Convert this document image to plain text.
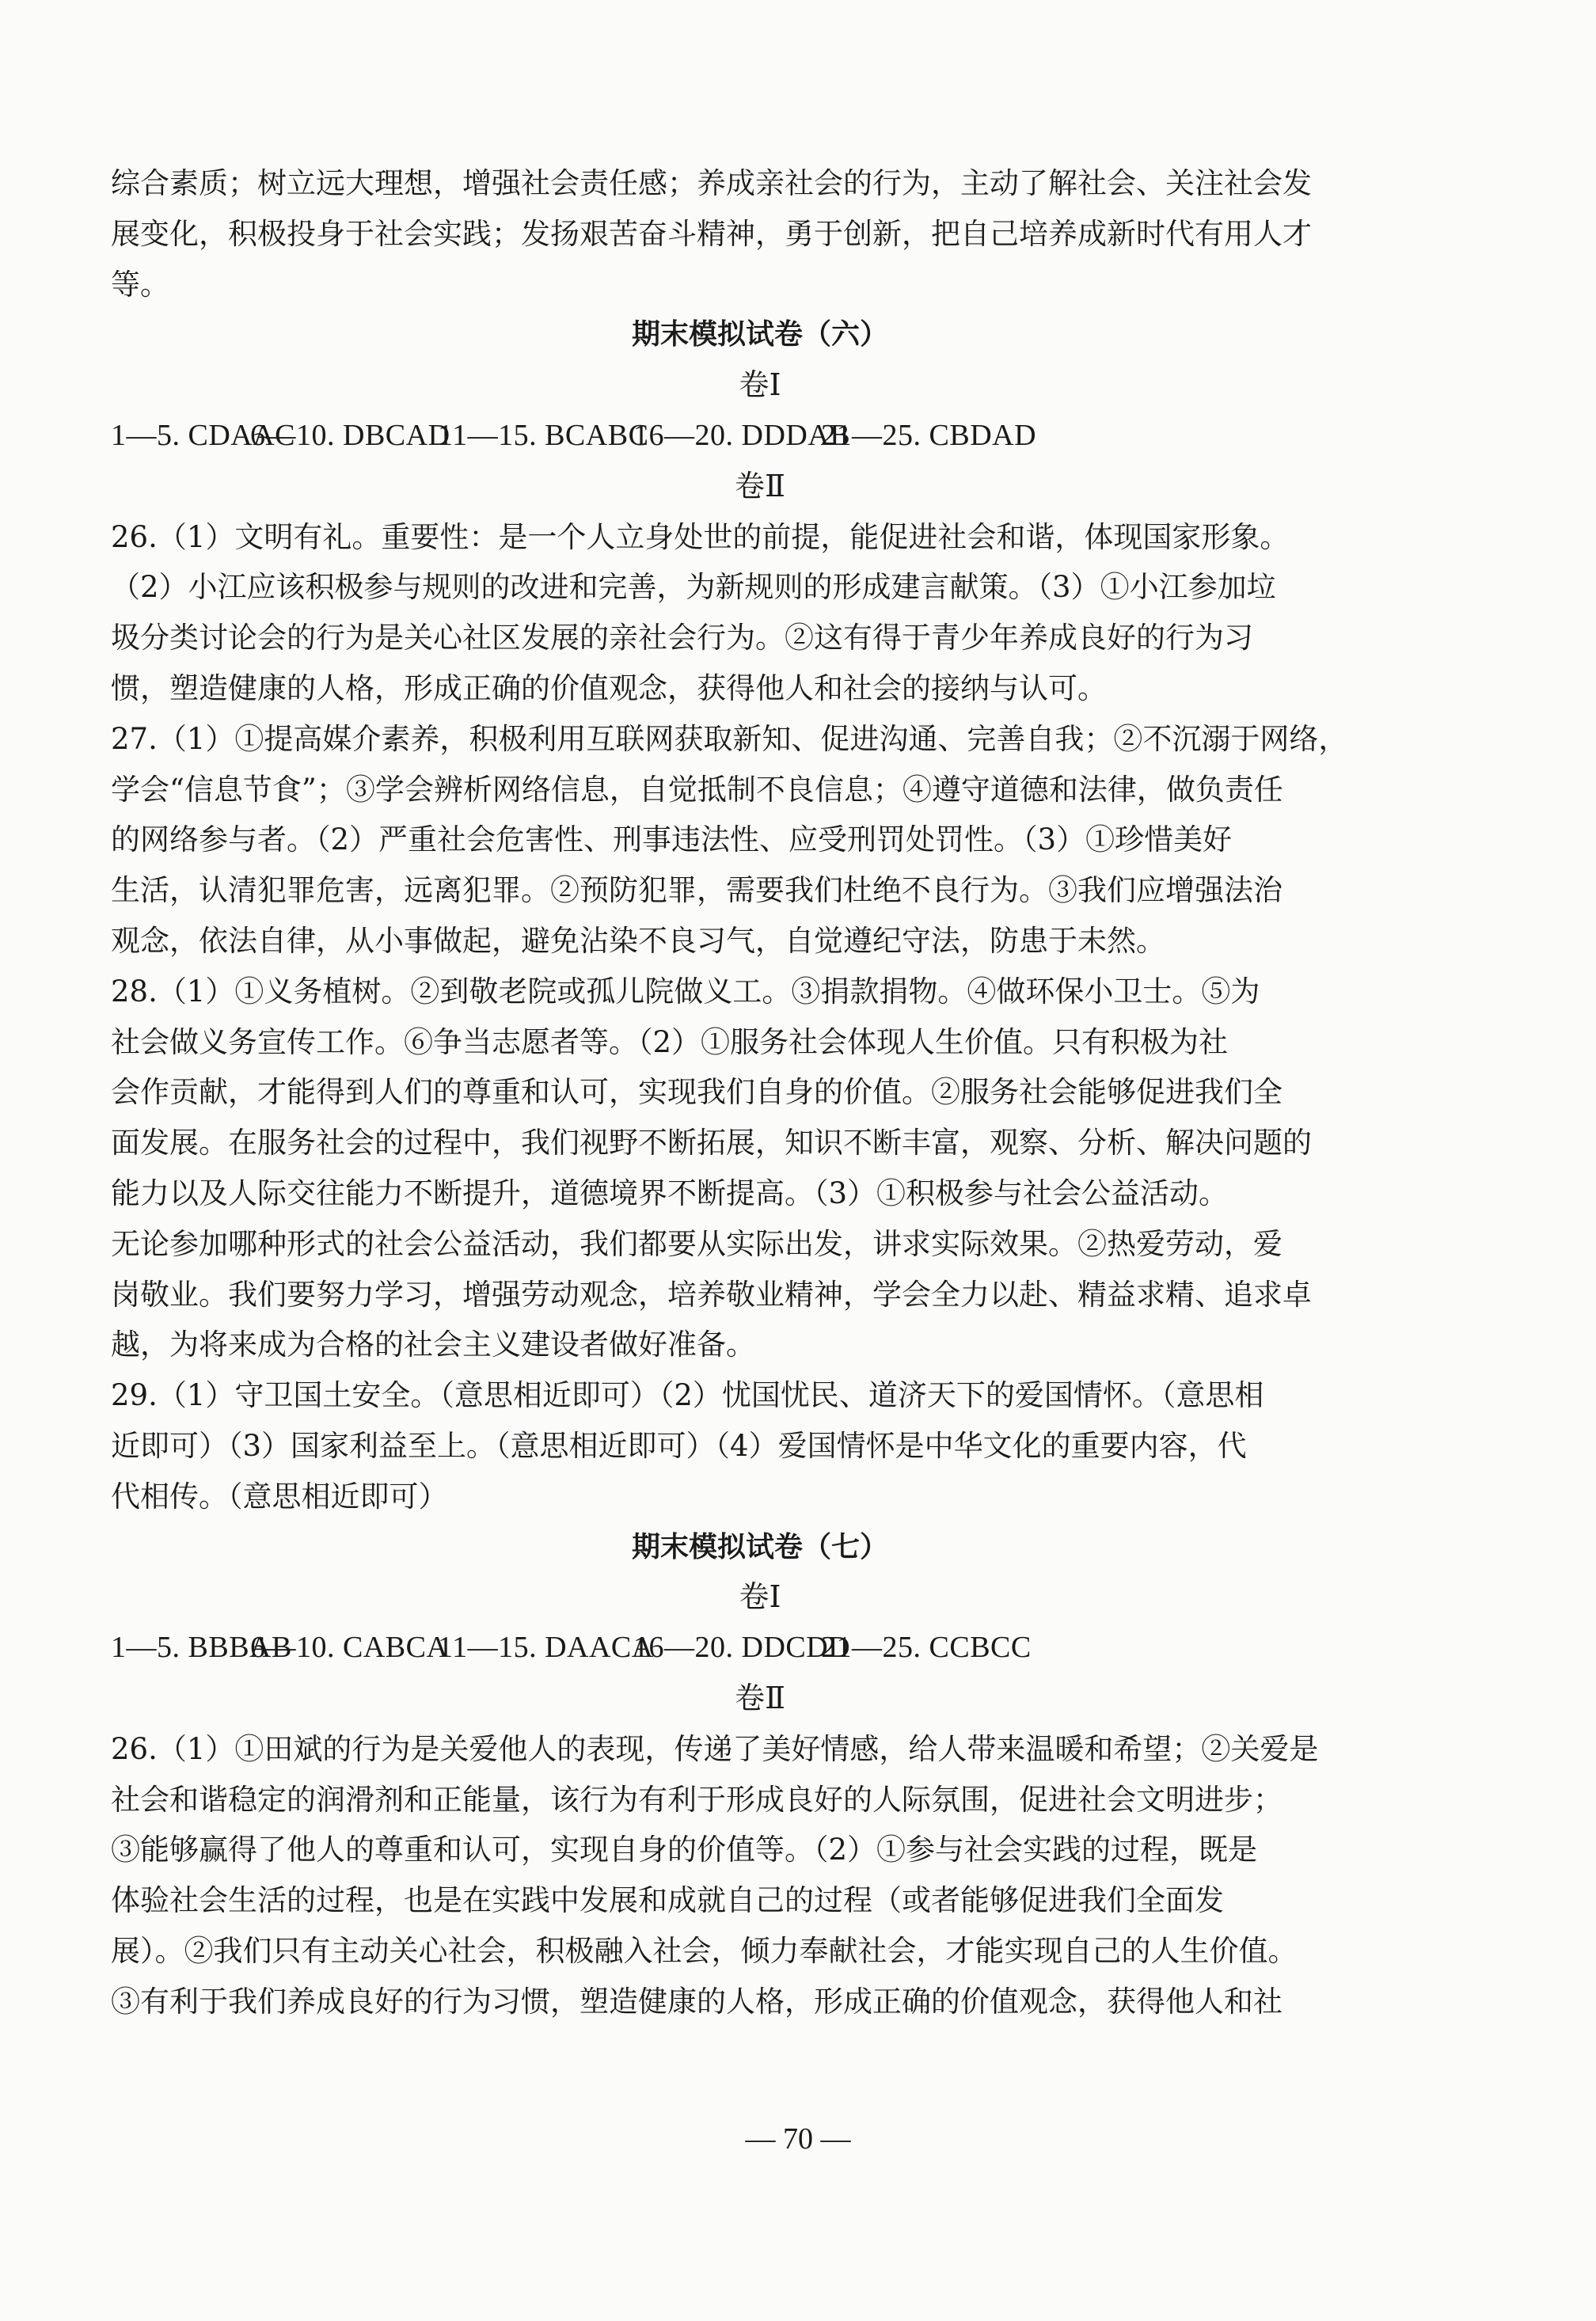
综合素质；树立远大理想，增强社会责任感；养成亲社会的行为，主动了解社会、关注社会发
展变化，积极投身于社会实践；发扬艰苦奋斗精神，勇于创新，把自己培养成新时代有用人才
等。
期末模拟试卷（六）
卷Ⅰ
1—5. CDAAC6—10. DBCAD11—15. BCABC16—20. DDDAB21—25. CBDAD
卷Ⅱ
26.（1）文明有礼。重要性：是一个人立身处世的前提，能促进社会和谐，体现国家形象。
（2）小江应该积极参与规则的改进和完善，为新规则的形成建言献策。（3）①小江参加垃
圾分类讨论会的行为是关心社区发展的亲社会行为。②这有得于青少年养成良好的行为习
惯，塑造健康的人格，形成正确的价值观念，获得他人和社会的接纳与认可。
27.（1）①提高媒介素养，积极利用互联网获取新知、促进沟通、完善自我；②不沉溺于网络，
学会“信息节食”；③学会辨析网络信息，自觉抵制不良信息；④遵守道德和法律，做负责任
的网络参与者。（2）严重社会危害性、刑事违法性、应受刑罚处罚性。（3）①珍惜美好
生活，认清犯罪危害，远离犯罪。②预防犯罪，需要我们杜绝不良行为。③我们应增强法治
观念，依法自律，从小事做起，避免沾染不良习气，自觉遵纪守法，防患于未然。
28.（1）①义务植树。②到敬老院或孤儿院做义工。③捐款捐物。④做环保小卫士。⑤为
社会做义务宣传工作。⑥争当志愿者等。（2）①服务社会体现人生价值。只有积极为社
会作贡献，才能得到人们的尊重和认可，实现我们自身的价值。②服务社会能够促进我们全
面发展。在服务社会的过程中，我们视野不断拓展，知识不断丰富，观察、分析、解决问题的
能力以及人际交往能力不断提升，道德境界不断提高。（3）①积极参与社会公益活动。
无论参加哪种形式的社会公益活动，我们都要从实际出发，讲求实际效果。②热爱劳动，爱
岗敬业。我们要努力学习，增强劳动观念，培养敬业精神，学会全力以赴、精益求精、追求卓
越，为将来成为合格的社会主义建设者做好准备。
29.（1）守卫国土安全。（意思相近即可）（2）忧国忧民、道济天下的爱国情怀。（意思相
近即可）（3）国家利益至上。（意思相近即可）（4）爱国情怀是中华文化的重要内容，代
代相传。（意思相近即可）
期末模拟试卷（七）
卷Ⅰ
1—5. BBBAB6—10. CABCA11—15. DAACA16—20. DDCDD21—25. CCBCC
卷Ⅱ
26.（1）①田斌的行为是关爱他人的表现，传递了美好情感，给人带来温暖和希望；②关爱是
社会和谐稳定的润滑剂和正能量，该行为有利于形成良好的人际氛围，促进社会文明进步；
③能够赢得了他人的尊重和认可，实现自身的价值等。（2）①参与社会实践的过程，既是
体验社会生活的过程，也是在实践中发展和成就自己的过程（或者能够促进我们全面发
展）。②我们只有主动关心社会，积极融入社会，倾力奉献社会，才能实现自己的人生价值。
③有利于我们养成良好的行为习惯，塑造健康的人格，形成正确的价值观念，获得他人和社
— 70 —
